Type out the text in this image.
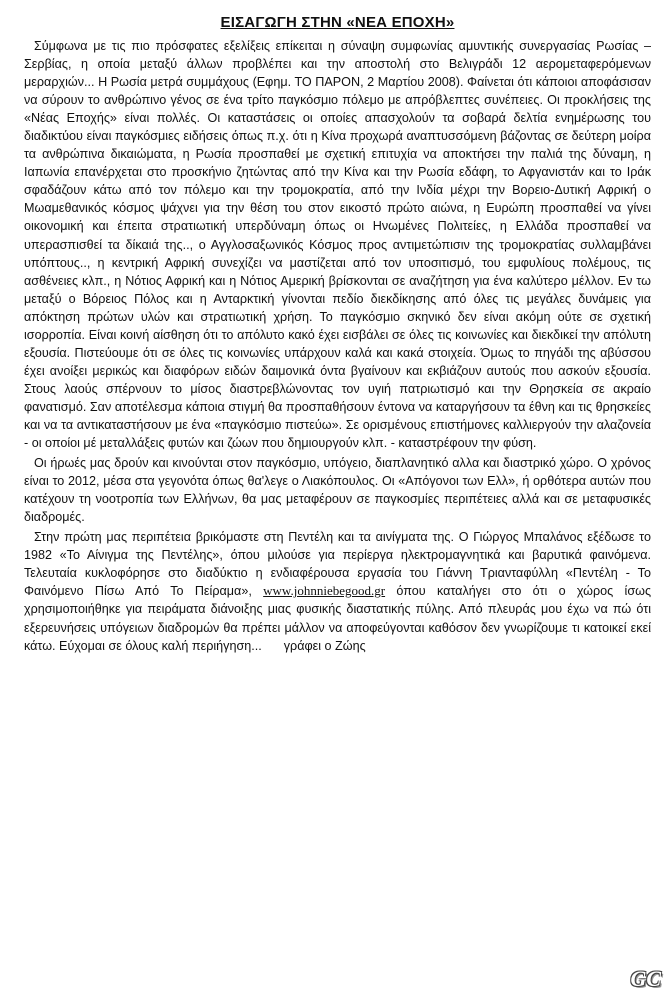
ΕΙΣΑΓΩΓΗ ΣΤΗΝ «ΝΕΑ ΕΠΟΧΗ»

Σύμφωνα με τις πιο πρόσφατες εξελίξεις επίκειται η σύναψη συμφωνίας αμυντικής συνεργασίας Ρωσίας – Σερβίας, η οποία μεταξύ άλλων προβλέπει και την αποστολή στο Βελιγράδι 12 αερομεταφερόμενων μεραρχιών... Η Ρωσία μετρά συμμάχους (Εφημ. ΤΟ ΠΑΡΟΝ, 2 Μαρτίου 2008). Φαίνεται ότι κάποιοι αποφάσισαν να σύρουν το ανθρώπινο γένος σε ένα τρίτο παγκόσμιο πόλεμο με απρόβλεπτες συνέπειες. Οι προκλήσεις της «Νέας Εποχής» είναι πολλές. Οι καταστάσεις οι οποίες απασχολούν τα σοβαρά δελτία ενημέρωσης του διαδικτύου είναι παγκόσμιες ειδήσεις όπως π.χ. ότι η Κίνα προχωρά αναπτυσσόμενη βάζοντας σε δεύτερη μοίρα τα ανθρώπινα δικαιώματα, η Ρωσία προσπαθεί με σχετική επιτυχία να αποκτήσει την παλιά της δύναμη, η Ιαπωνία επανέρχεται στο προσκήνιο ζητώντας από την Κίνα και την Ρωσία εδάφη, το Αφγανιστάν και το Ιράκ σφαδάζουν κάτω από τον πόλεμο και την τρομοκρατία, από την Ινδία μέχρι την Βορειο-Δυτική Αφρική ο Μωαμεθανικός κόσμος ψάχνει για την θέση του στον εικοστό πρώτο αιώνα, η Ευρώπη προσπαθεί να γίνει οικονομική και έπειτα στρατιωτική υπερδύναμη όπως οι Ηνωμένες Πολιτείες, η Ελλάδα προσπαθεί να υπερασπισθεί τα δίκαιά της.., ο Αγγλοσαξωνικός Κόσμος προς αντιμετώπισιν της τρομοκρατίας συλλαμβάνει υπόπτους.., η κεντρική Αφρική συνεχίζει να μαστίζεται από τον υποσιτισμό, του εμφυλίους πολέμους, τις ασθένειες κλπ., η Νότιος Αφρική και η Νότιος Αμερική βρίσκονται σε αναζήτηση για ένα καλύτερο μέλλον. Εν τω μεταξύ ο Βόρειος Πόλος και η Ανταρκτική γίνονται πεδίο διεκδίκησης από όλες τις μεγάλες δυνάμεις για απόκτηση πρώτων υλών και στρατιωτική χρήση. Το παγκόσμιο σκηνικό δεν είναι ακόμη ούτε σε σχετική ισορροπία. Είναι κοινή αίσθηση ότι το απόλυτο κακό έχει εισβάλει σε όλες τις κοινωνίες και διεκδικεί την απόλυτη εξουσία. Πιστεύουμε ότι σε όλες τις κοινωνίες υπάρχουν καλά και κακά στοιχεία. Όμως το πηγάδι της αβύσσου έχει ανοίξει μερικώς και διαφόρων ειδών δαιμονικά όντα βγαίνουν και εκβιάζουν αυτούς που ασκούν εξουσία. Στους λαούς σπέρνουν το μίσος διαστρεβλώνοντας τον υγιή πατριωτισμό και την Θρησκεία σε ακραίο φανατισμό. Σαν αποτέλεσμα κάποια στιγμή θα προσπαθήσουν έντονα να καταργήσουν τα έθνη και τις θρησκείες και να τα αντικαταστήσουν με ένα «παγκόσμιο πιστεύω». Σε ορισμένους επιστήμονες καλλιεργούν την αλαζονεία - οι οποίοι μέ μεταλλάξεις φυτών και ζώων που δημιουργούν κλπ. - καταστρέφουν την φύση.

Οι ήρωές μας δρούν και κινούνται στον παγκόσμιο, υπόγειο, διαπλανητικό αλλα και διαστρικό χώρο. Ο χρόνος είναι το 2012, μέσα στα γεγονότα όπως θα'λεγε ο Λιακόπουλος. Οι «Απόγονοι των Ελλ», ή ορθότερα αυτών που κατέχουν τη νοοτροπία των Ελλήνων, θα μας μεταφέρουν σε παγκοσμίες περιπέτειες αλλά και σε μεταφυσικές διαδρομές.

Στην πρώτη μας περιπέτεια βρικόμαστε στη Πεντέλη και τα αινίγματα της. Ο Γιώργος Μπαλάνος εξέδωσε το 1982 «Το Αίνιγμα της Πεντέλης», όπου μιλούσε για περίεργα ηλεκτρομαγνητικά και βαρυτικά φαινόμενα. Τελευταία κυκλοφόρησε στο διαδύκτιο η ενδιαφέρουσα εργασία του Γιάννη Τριανταφύλλη «Πεντέλη - Το Φαινόμενο Πίσω Από Το Πείραμα», www.johnniebegood.gr όπου καταλήγει στο ότι ο χώρος ίσως χρησιμοποιήθηκε για πειράματα διάνοιξης μιας φυσικής διαστατικής πύλης. Από πλευράς μου έχω να πώ ότι εξερευνήσεις υπόγειων διαδρομών θα πρέπει μάλλον να αποφεύγονται καθόσον δεν γνωρίζουμε τι κατοικεί εκεί κάτω. Εύχομαι σε όλους καλή περιήγηση... γράφει ο Ζώης

GC
